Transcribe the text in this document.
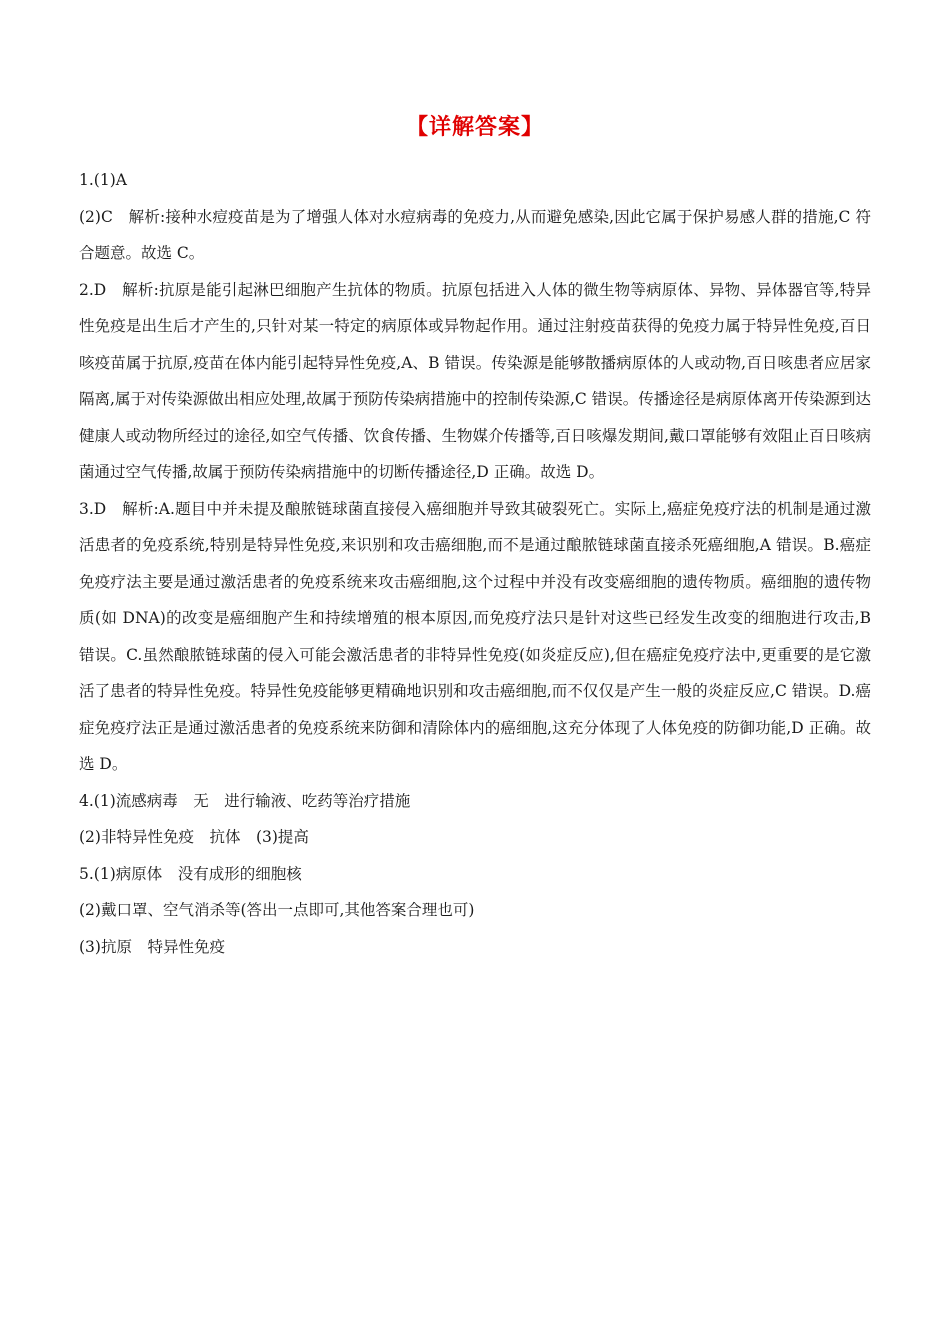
【详解答案】

1.(1)A

(2)C　解析:接种水痘疫苗是为了增强人体对水痘病毒的免疫力,从而避免感染,因此它属于保护易感人群的措施,C 符合题意。故选 C。

2.D　解析:抗原是能引起淋巴细胞产生抗体的物质。抗原包括进入人体的微生物等病原体、异物、异体器官等,特异性免疫是出生后才产生的,只针对某一特定的病原体或异物起作用。通过注射疫苗获得的免疫力属于特异性免疫,百日咳疫苗属于抗原,疫苗在体内能引起特异性免疫,A、B 错误。传染源是能够散播病原体的人或动物,百日咳患者应居家隔离,属于对传染源做出相应处理,故属于预防传染病措施中的控制传染源,C 错误。传播途径是病原体离开传染源到达健康人或动物所经过的途径,如空气传播、饮食传播、生物媒介传播等,百日咳爆发期间,戴口罩能够有效阻止百日咳病菌通过空气传播,故属于预防传染病措施中的切断传播途径,D 正确。故选 D。

3.D　解析:A.题目中并未提及酿脓链球菌直接侵入癌细胞并导致其破裂死亡。实际上,癌症免疫疗法的机制是通过激活患者的免疫系统,特别是特异性免疫,来识别和攻击癌细胞,而不是通过酿脓链球菌直接杀死癌细胞,A 错误。B.癌症免疫疗法主要是通过激活患者的免疫系统来攻击癌细胞,这个过程中并没有改变癌细胞的遗传物质。癌细胞的遗传物质(如 DNA)的改变是癌细胞产生和持续增殖的根本原因,而免疫疗法只是针对这些已经发生改变的细胞进行攻击,B 错误。C.虽然酿脓链球菌的侵入可能会激活患者的非特异性免疫(如炎症反应),但在癌症免疫疗法中,更重要的是它激活了患者的特异性免疫。特异性免疫能够更精确地识别和攻击癌细胞,而不仅仅是产生一般的炎症反应,C 错误。D.癌症免疫疗法正是通过激活患者的免疫系统来防御和清除体内的癌细胞,这充分体现了人体免疫的防御功能,D 正确。故选 D。

4.(1)流感病毒　无　进行输液、吃药等治疗措施

(2)非特异性免疫　抗体　(3)提高

5.(1)病原体　没有成形的细胞核

(2)戴口罩、空气消杀等(答出一点即可,其他答案合理也可)

(3)抗原　特异性免疫
